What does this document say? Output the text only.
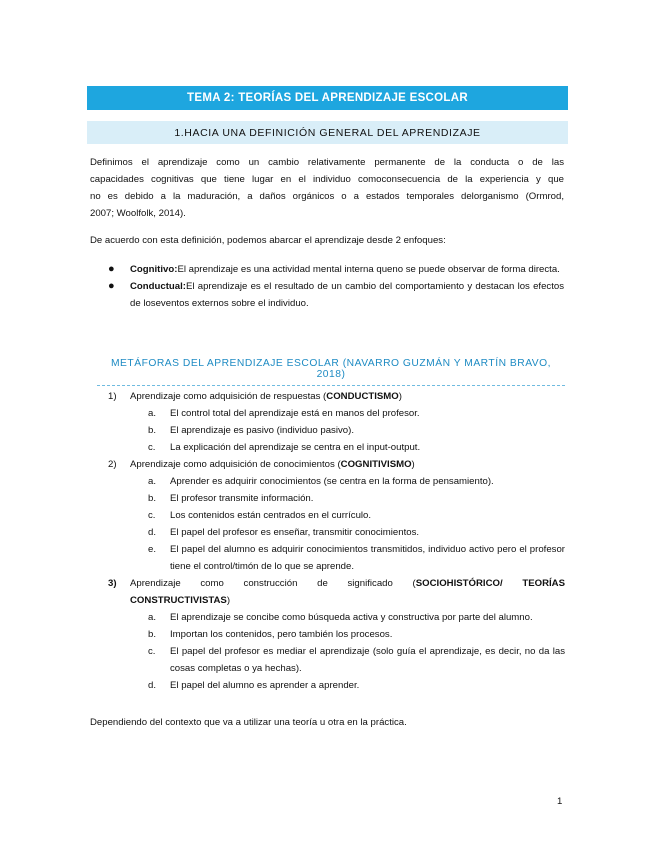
TEMA 2: TEORÍAS DEL APRENDIZAJE ESCOLAR
1.HACIA UNA DEFINICIÓN GENERAL DEL APRENDIZAJE
Definimos el aprendizaje como un cambio relativamente permanente de la conducta o de las
capacidades cognitivas que tiene lugar en el individuo comoconsecuencia de la experiencia y que
no es debido a la maduración, a daños orgánicos o a estados temporales delorganismo (Ormrod,
2007; Woolfolk, 2014).
De acuerdo con esta definición, podemos abarcar el aprendizaje desde 2 enfoques:
● Cognitivo:El aprendizaje es una actividad mental interna queno se puede observar de forma directa.
● Conductual:El aprendizaje es el resultado de un cambio del comportamiento y destacan los efectos de loseventos externos sobre el individuo.
METÁFORAS DEL APRENDIZAJE ESCOLAR (NAVARRO GUZMÁN Y MARTÍN BRAVO, 2018)
1) Aprendizaje como adquisición de respuestas (CONDUCTISMO)
a. El control total del aprendizaje está en manos del profesor.
b. El aprendizaje es pasivo (individuo pasivo).
c. La explicación del aprendizaje se centra en el input-output.
2) Aprendizaje como adquisición de conocimientos (COGNITIVISMO)
a. Aprender es adquirir conocimientos (se centra en la forma de pensamiento).
b. El profesor transmite información.
c. Los contenidos están centrados en el currículo.
d. El papel del profesor es enseñar, transmitir conocimientos.
e. El papel del alumno es adquirir conocimientos transmitidos, individuo activo pero el profesor tiene el control/timón de lo que se aprende.
3) Aprendizaje como construcción de significado (SOCIOHISTÓRICO/ TEORÍAS CONSTRUCTIVISTAS)
a. El aprendizaje se concibe como búsqueda activa y constructiva por parte del alumno.
b. Importan los contenidos, pero también los procesos.
c. El papel del profesor es mediar el aprendizaje (solo guía el aprendizaje, es decir, no da las cosas completas o ya hechas).
d. El papel del alumno es aprender a aprender.
Dependiendo del contexto que va a utilizar una teoría u otra en la práctica.
1
